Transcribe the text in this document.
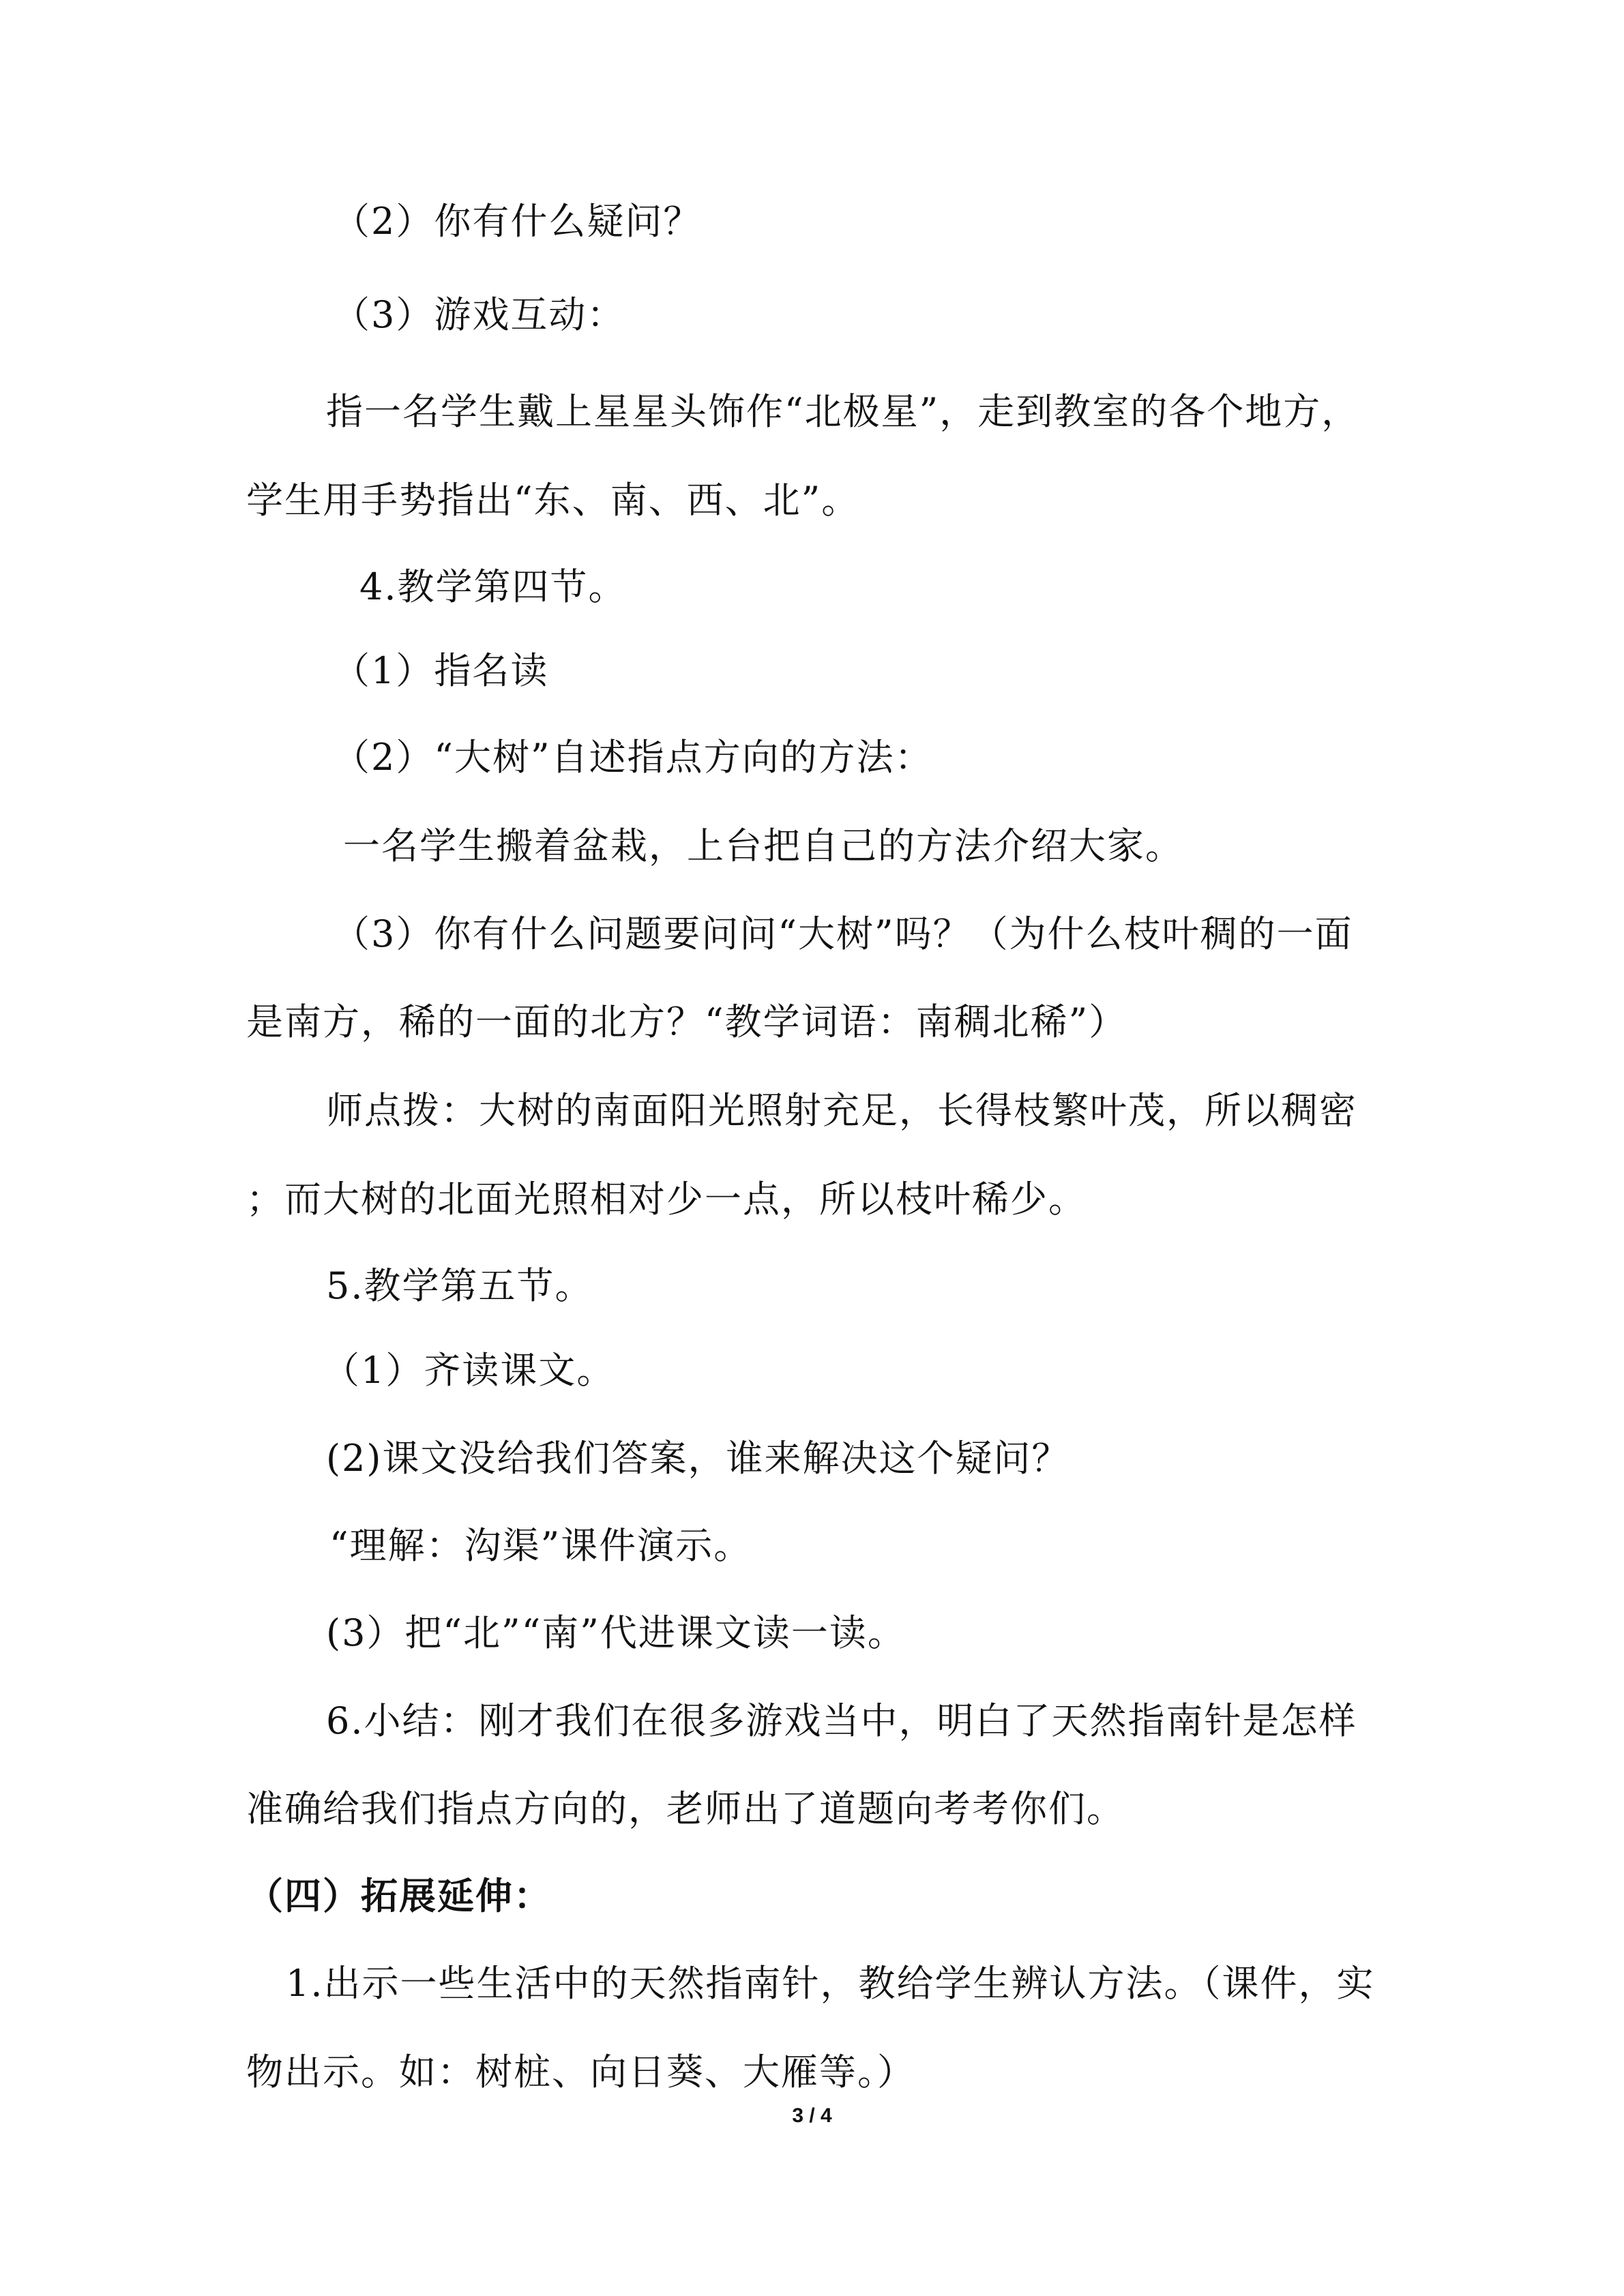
（2）你有什么疑问？
（3）游戏互动：
指一名学生戴上星星头饰作“北极星”，走到教室的各个地方，
学生用手势指出“东、南、西、北”。
4.教学第四节。
（1）指名读
（2）“大树”自述指点方向的方法：
一名学生搬着盆栽，上台把自己的方法介绍大家。
（3）你有什么问题要问问“大树”吗？（为什么枝叶稠的一面
是南方，稀的一面的北方？“教学词语：南稠北稀”）
师点拨：大树的南面阳光照射充足，长得枝繁叶茂，所以稠密
；而大树的北面光照相对少一点，所以枝叶稀少。
5.教学第五节。
（1）齐读课文。
(2)课文没给我们答案，谁来解决这个疑问？
“理解：沟渠”课件演示。
(3）把“北”“南”代进课文读一读。
6.小结：刚才我们在很多游戏当中，明白了天然指南针是怎样
准确给我们指点方向的，老师出了道题向考考你们。
（四）拓展延伸：
1.出示一些生活中的天然指南针，教给学生辨认方法。（课件，实
物出示。如：树桩、向日葵、大雁等。）
3 / 4
